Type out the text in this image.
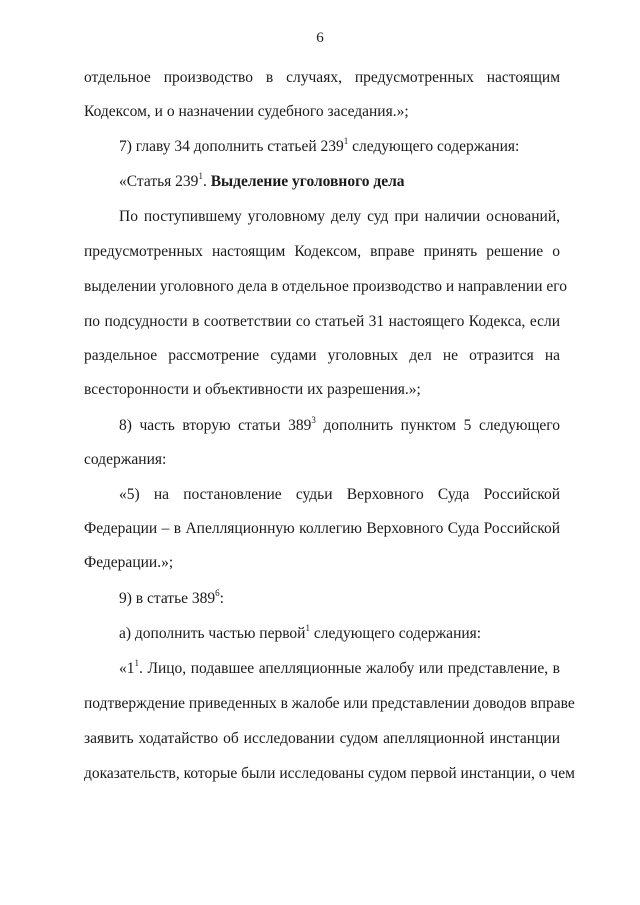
6
отдельное производство в случаях, предусмотренных настоящим
Кодексом, и о назначении судебного заседания.»;
7) главу 34 дополнить статьей $239^1$ следующего содержания:
«Статья $239^1$. Выделение уголовного дела
По поступившему уголовному делу суд при наличии оснований,
предусмотренных настоящим Кодексом, вправе принять решение о
выделении уголовного дела в отдельное производство и направлении его
по подсудности в соответствии со статьей 31 настоящего Кодекса, если
раздельное рассмотрение судами уголовных дел не отразится на
всесторонности и объективности их разрешения.»;
8) часть вторую статьи $389^3$ дополнить пунктом 5 следующего
содержания:
«5) на постановление судьи Верховного Суда Российской
Федерации – в Апелляционную коллегию Верховного Суда Российской
Федерации.»;
9) в статье $389^6$:
а) дополнить частью первой$^1$ следующего содержания:
«$1^1$. Лицо, подавшее апелляционные жалобу или представление, в
подтверждение приведенных в жалобе или представлении доводов вправе
заявить ходатайство об исследовании судом апелляционной инстанции
доказательств, которые были исследованы судом первой инстанции, о чем
